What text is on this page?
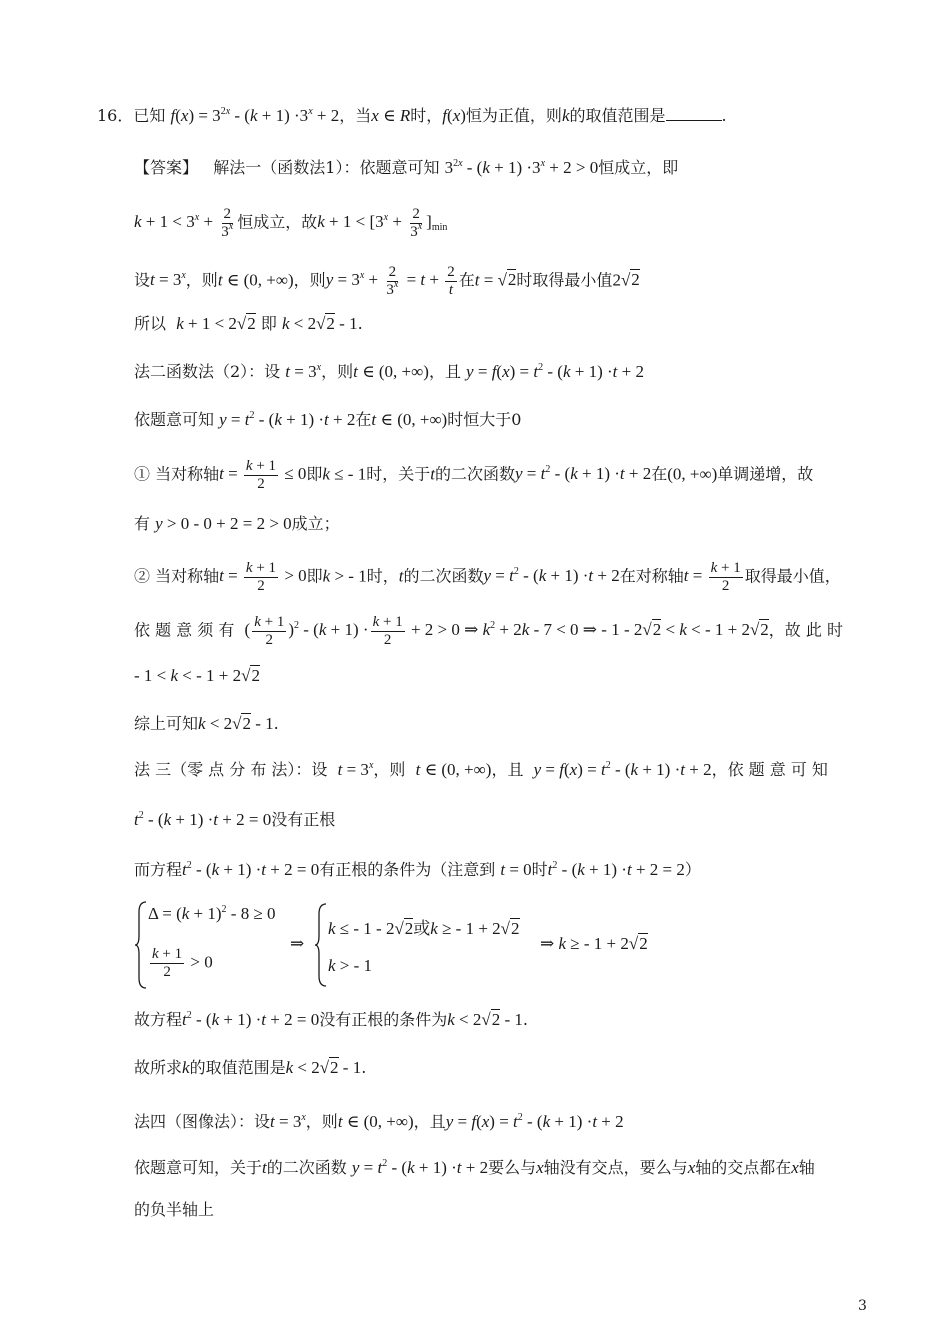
16．已知 $f(x) = 3^{2x} - (k + 1) \cdot 3^x + 2$，当x ∈ R时，f(x)恒为正值，则k的取值范围是	.
【答案】 解法一（函数法1）：依题意可知 $3^{2x} - (k + 1) \cdot 3^x + 2 > 0$恒成立，即
$k + 1 < 3^x + \frac{2}{3^x}$ 恒成立，故$k + 1 < [3^x + \frac{2}{3^x} ]_{min}$
设$t = 3^x$，则t ∈ (0, +∞)，则$y = 3^x + \frac{2}{3^x} = t + \frac{2}{t}$ 在t = √2时取得最小值2√2
所以 k + 1 < 2√2 即 k < 2√2 - 1.
法二函数法（2）：设 $t = 3^x$，则t ∈ (0, +∞)，且 $y = f(x) = t^2 - (k + 1) \cdot t + 2$
依题意可知 $y = t^2 - (k + 1) \cdot t + 2$在t ∈ (0, +∞)时恒大于0
① 当对称轴$t = \frac{k + 1}{2} \le 0$即k ≤ - 1时，关于t的二次函数$y = t^2 - (k + 1) \cdot t + 2$在(0, +∞)单调递增，故
有 y > 0 - 0 + 2 = 2 > 0成立；
② 当对称轴$t = \frac{k + 1}{2} > 0$即k > - 1时，t的二次函数$y = t^2 - (k + 1) \cdot t + 2$在对称轴$t = \frac{k + 1}{2}$ 取得最小值，
依 题 意 须 有 ( $\frac{k + 1}{2} )^2 - (k + 1) \cdot \frac{k + 1}{2} + 2 > 0$ ⇒ $k^2 + 2k - 7 < 0$ ⇒ - 1 - 2√2 < k < - 1 + 2√2，故 此 时
- 1 < k < - 1 + 2√2
综上可知k < 2√2 - 1.
法 三（零 点 分 布 法）：设 $t = 3^x$，则 t ∈ (0, +∞)，且 $y = f(x) = t^2 - (k + 1) \cdot t + 2$，依 题 意 可 知
$t^2 - (k + 1) \cdot t + 2 = 0$没有正根
而方程$t^2 - (k + 1) \cdot t + 2 = 0$有正根的条件为（注意到 t = 0时$t^2 - (k + 1) \cdot t + 2 = 2$）
$\Delta = (k + 1)^2 - 8 \ge 0$
$\frac{k + 1}{2} > 0$
⇒
k ≤ - 1 - 2√2或k ≥ - 1 + 2√2
k > - 1
⇒ k ≥ - 1 + 2√2
故方程$t^2 - (k + 1) \cdot t + 2 = 0$没有正根的条件为k < 2√2 - 1.
故所求k的取值范围是k < 2√2 - 1.
法四（图像法）：设$t = 3^x$，则t ∈ (0, +∞)，且$y = f(x) = t^2 - (k + 1) \cdot t + 2$
依题意可知，关于t的二次函数 $y = t^2 - (k + 1) \cdot t + 2$要么与x轴没有交点，要么与x轴的交点都在x轴
的负半轴上
3
